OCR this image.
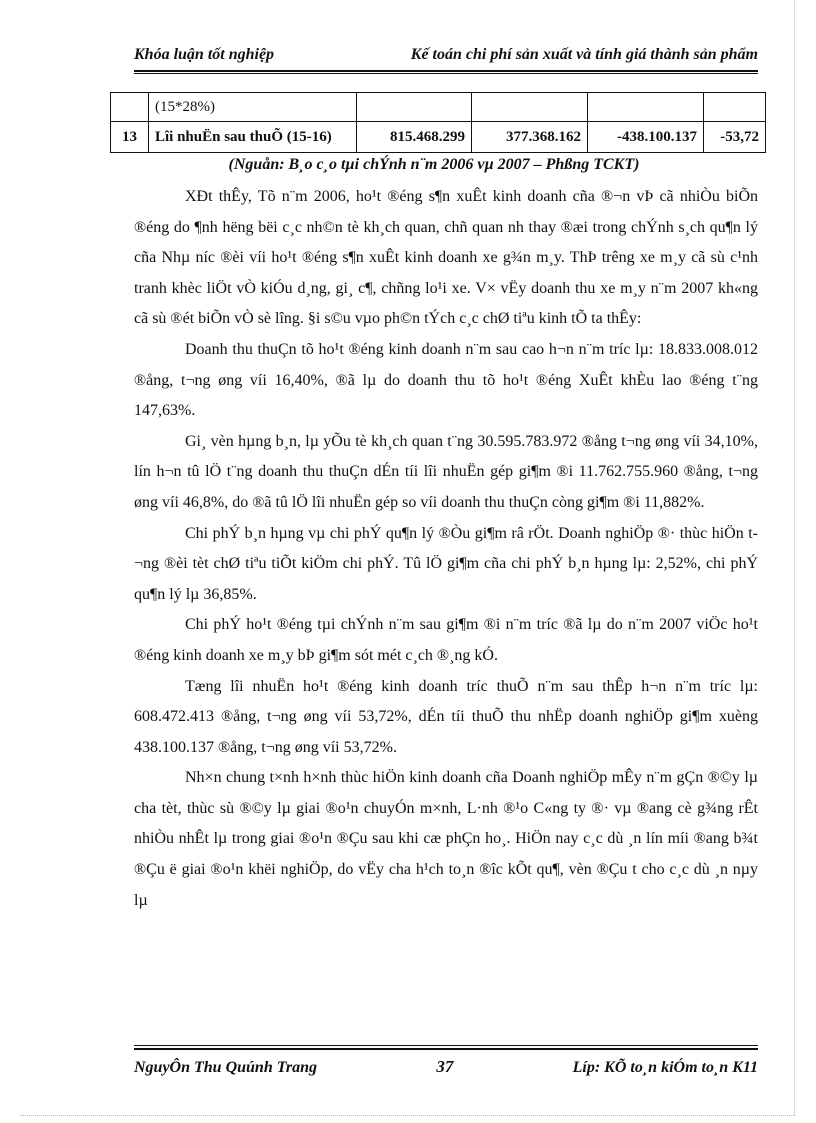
Khóa luận tốt nghiệp	Kế toán chi phí sản xuất và tính giá thành sản phẩm
	(15*28%)				
13	Lîi nhuËn sau thuÕ (15-16)	815.468.299	377.368.162	-438.100.137	-53,72
(Nguån: B¸o c¸o tµi chÝnh n¨m 2006 vµ 2007 – Phßng TCKT)

XÐt thÊy, Tõ n¨m 2006, ho¹t ®éng s¶n xuÊt kinh doanh cña ®¬n vÞ cã nhiÒu biÕn ®éng do ¶nh hëng bëi c¸c nh©n tè kh¸ch quan, chñ quan nh thay ®æi trong chÝnh s¸ch qu¶n lý cña Nhµ níc ®èi víi ho¹t ®éng s¶n xuÊt kinh doanh xe g¾n m¸y. ThÞ trêng xe m¸y cã sù c¹nh tranh khèc liÖt vÒ kiÓu d¸ng, gi¸ c¶, chñng lo¹i xe. V× vËy doanh thu xe m¸y n¨m 2007 kh«ng cã sù ®ét biÕn vÒ sè lîng. §i s©u vµo ph©n tÝch c¸c chØ tiªu kinh tÕ ta thÊy:

Doanh thu thuÇn tõ ho¹t ®éng kinh doanh n¨m sau cao h¬n n¨m tríc lµ: 18.833.008.012 ®ång, t¬ng øng víi 16,40%, ®ã lµ do doanh thu tõ ho¹t ®éng XuÊt khÈu lao ®éng t¨ng 147,63%.

Gi¸ vèn hµng b¸n, lµ yÕu tè kh¸ch quan t¨ng 30.595.783.972 ®ång t¬ng øng víi 34,10%, lín h¬n tû lÖ t¨ng doanh thu thuÇn dÉn tíi lîi nhuËn gép gi¶m ®i 11.762.755.960 ®ång, t¬ng øng víi 46,8%, do ®ã tû lÖ lîi nhuËn gép so víi doanh thu thuÇn còng gi¶m ®i 11,882%.

Chi phÝ b¸n hµng vµ chi phÝ qu¶n lý ®Òu gi¶m râ rÖt. Doanh nghiÖp ®· thùc hiÖn t¬ng ®èi tèt chØ tiªu tiÕt kiÖm chi phÝ. Tû lÖ gi¶m cña chi phÝ b¸n hµng lµ: 2,52%, chi phÝ qu¶n lý lµ 36,85%.

Chi phÝ ho¹t ®éng tµi chÝnh n¨m sau gi¶m ®i n¨m tríc ®ã lµ do n¨m 2007 viÖc ho¹t ®éng kinh doanh xe m¸y bÞ gi¶m sót mét c¸ch ®¸ng kÓ.

Tæng lîi nhuËn ho¹t ®éng kinh doanh tríc thuÕ n¨m sau thÊp h¬n n¨m tríc lµ: 608.472.413 ®ång, t¬ng øng víi 53,72%, dÉn tíi thuÕ thu nhËp doanh nghiÖp gi¶m xuèng 438.100.137 ®ång, t¬ng øng víi 53,72%.

Nh×n chung t×nh h×nh thùc hiÖn kinh doanh cña Doanh nghiÖp mÊy n¨m gÇn ®©y lµ cha tèt, thùc sù ®©y lµ giai ®o¹n chuyÓn m×nh, L·nh ®¹o C«ng ty ®· vµ ®ang cè g¾ng rÊt nhiÒu nhÊt lµ trong giai ®o¹n ®Çu sau khi cæ phÇn ho¸. HiÖn nay c¸c dù ¸n lín míi ®ang b¾t ®Çu ë giai ®o¹n khëi nghiÖp, do vËy cha h¹ch to¸n ®îc kÕt qu¶, vèn ®Çu t cho c¸c dù ¸n nµy lµ

NguyÔn Thu Quúnh Trang	37	Líp: KÕ to¸n kiÓm to¸n K11
